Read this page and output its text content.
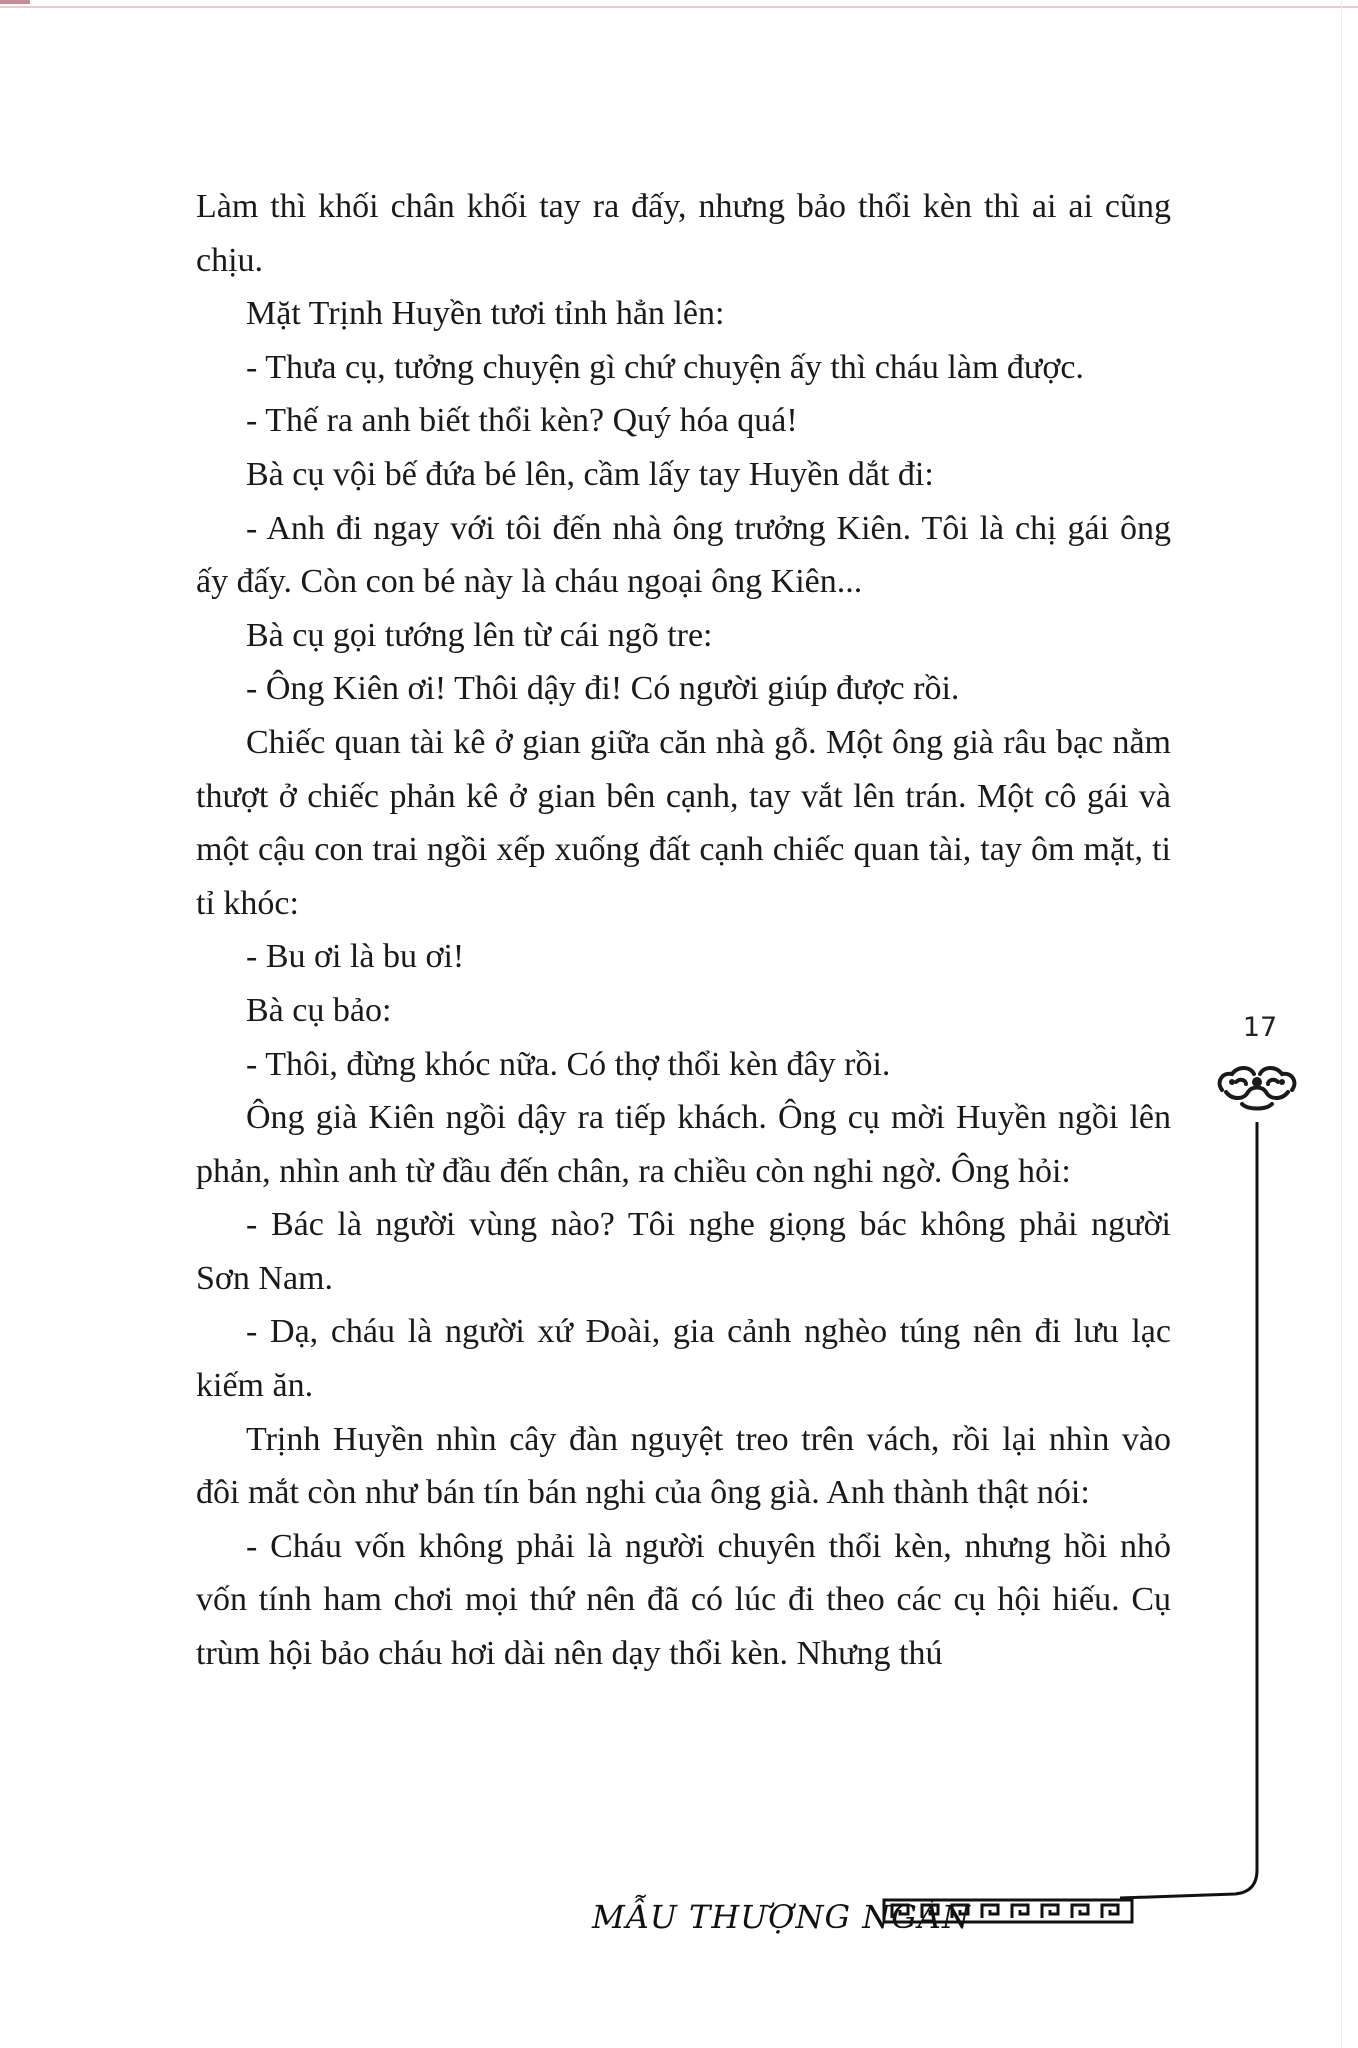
Làm thì khối chân khối tay ra đấy, nhưng bảo thổi kèn thì ai ai cũng chịu.

Mặt Trịnh Huyền tươi tỉnh hẳn lên:

- Thưa cụ, tưởng chuyện gì chứ chuyện ấy thì cháu làm được.

- Thế ra anh biết thổi kèn? Quý hóa quá!

Bà cụ vội bế đứa bé lên, cầm lấy tay Huyền dắt đi:

- Anh đi ngay với tôi đến nhà ông trưởng Kiên. Tôi là chị gái ông ấy đấy. Còn con bé này là cháu ngoại ông Kiên...

Bà cụ gọi tướng lên từ cái ngõ tre:

- Ông Kiên ơi! Thôi dậy đi! Có người giúp được rồi.

Chiếc quan tài kê ở gian giữa căn nhà gỗ. Một ông già râu bạc nằm thượt ở chiếc phản kê ở gian bên cạnh, tay vắt lên trán. Một cô gái và một cậu con trai ngồi xếp xuống đất cạnh chiếc quan tài, tay ôm mặt, ti tỉ khóc:

- Bu ơi là bu ơi!

Bà cụ bảo:

- Thôi, đừng khóc nữa. Có thợ thổi kèn đây rồi.

Ông già Kiên ngồi dậy ra tiếp khách. Ông cụ mời Huyền ngồi lên phản, nhìn anh từ đầu đến chân, ra chiều còn nghi ngờ. Ông hỏi:

- Bác là người vùng nào? Tôi nghe giọng bác không phải người Sơn Nam.

- Dạ, cháu là người xứ Đoài, gia cảnh nghèo túng nên đi lưu lạc kiếm ăn.

Trịnh Huyền nhìn cây đàn nguyệt treo trên vách, rồi lại nhìn vào đôi mắt còn như bán tín bán nghi của ông già. Anh thành thật nói:

- Cháu vốn không phải là người chuyên thổi kèn, nhưng hồi nhỏ vốn tính ham chơi mọi thứ nên đã có lúc đi theo các cụ hội hiếu. Cụ trùm hội bảo cháu hơi dài nên dạy thổi kèn. Nhưng thú

17
MẪU THƯỢNG NGÀN
